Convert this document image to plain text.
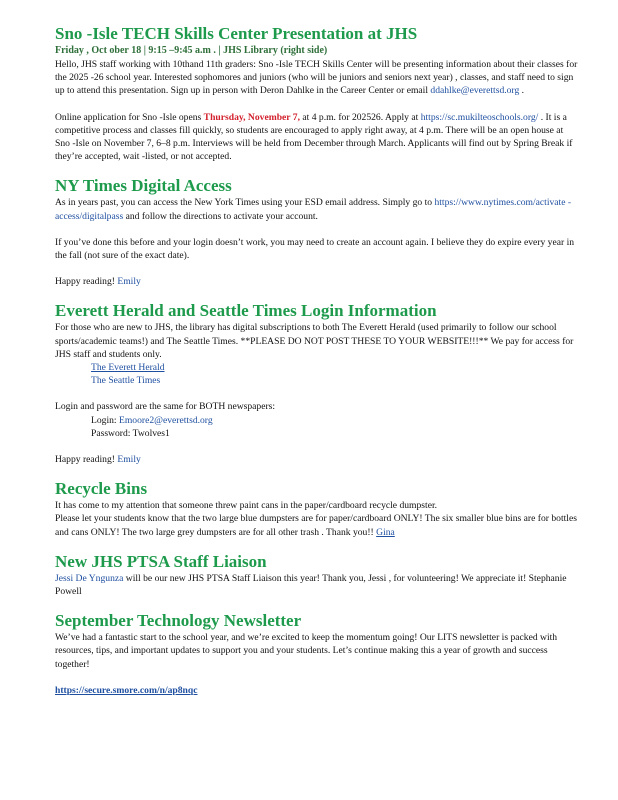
Sno -Isle TECH Skills Center Presentation at JHS
Friday , Oct ober 18 | 9:15 –9:45 a.m . | JHS Library (right side)

Hello, JHS staff working with 10thand 11th graders: Sno -Isle TECH Skills Center will be presenting information about their classes for the 2025 -26 school year. Interested sophomores and juniors (who will be juniors and seniors next year) , classes, and staff need to sign up to attend this presentation. Sign up in person with Deron Dahlke in the Career Center or email ddahlke@everettsd.org .

Online application for Sno -Isle opens Thursday, November 7, at 4 p.m. for 202526. Apply at https://sc.mukilteoschools.org/ . It is a competitive process and classes fill quickly, so students are encouraged to apply right away, at 4 p.m. There will be an open house at Sno -Isle on November 7, 6–8 p.m. Interviews will be held from December through March. Applicants will find out by Spring Break if they’re accepted, wait -listed, or not accepted.

NY Times Digital Access

As in years past, you can access the New York Times using your ESD email address. Simply go to https://www.nytimes.com/activate -access/digitalpass and follow the directions to activate your account.

If you’ve done this before and your login doesn’t work, you may need to create an account again. I believe they do expire every year in the fall (not sure of the exact date).

Happy reading! Emily

Everett Herald and Seattle Times Login Information

For those who are new to JHS, the library has digital subscriptions to both The Everett Herald (used primarily to follow our school sports/academic teams!) and The Seattle Times. **PLEASE DO NOT POST THESE TO YOUR WEBSITE!!!** We pay for access for JHS staff and students only.

The Everett Herald

The Seattle Times

Login and password are the same for BOTH newspapers:

Login: Emoore2@everettsd.org

Password: Twolves1

Happy reading! Emily

Recycle Bins

It has come to my attention that someone threw paint cans in the paper/cardboard recycle dumpster.

Please let your students know that the two large blue dumpsters are for paper/cardboard ONLY! The six smaller blue bins are for bottles and cans ONLY! The two large grey dumpsters are for all other trash . Thank you!! Gina

New JHS PTSA Staff Liaison

Jessi De Yngunza will be our new JHS PTSA Staff Liaison this year! Thank you, Jessi , for volunteering! We appreciate it! Stephanie Powell

September Technology Newsletter

We’ve had a fantastic start to the school year, and we’re excited to keep the momentum going! Our LITS newsletter is packed with resources, tips, and important updates to support you and your students. Let’s continue making this a year of growth and success together!

https://secure.smore.com/n/ap8nqc
